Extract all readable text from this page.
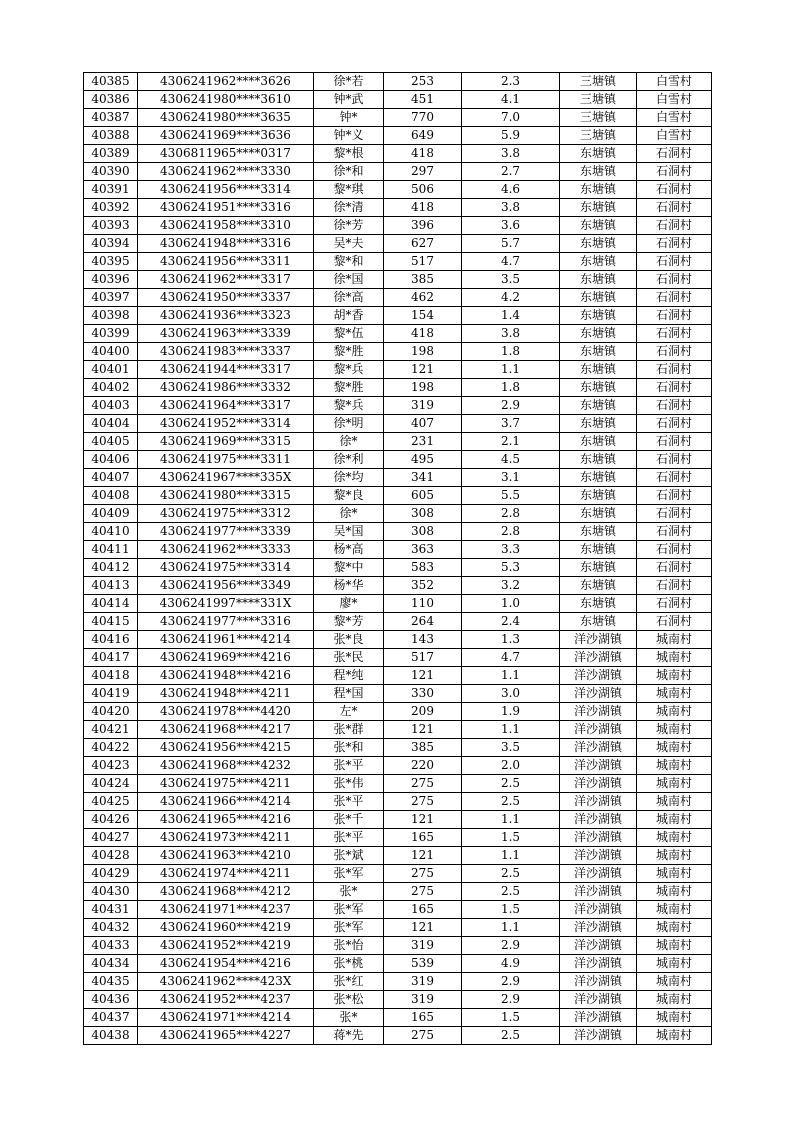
40385	4306241962****3626	徐*若	253	2.3	三塘镇	白雪村
40386	4306241980****3610	钟*武	451	4.1	三塘镇	白雪村
40387	4306241980****3635	钟*	770	7.0	三塘镇	白雪村
40388	4306241969****3636	钟*义	649	5.9	三塘镇	白雪村
40389	4306811965****0317	黎*根	418	3.8	东塘镇	石洞村
40390	4306241962****3330	徐*和	297	2.7	东塘镇	石洞村
40391	4306241956****3314	黎*琪	506	4.6	东塘镇	石洞村
40392	4306241951****3316	徐*清	418	3.8	东塘镇	石洞村
40393	4306241958****3310	徐*芳	396	3.6	东塘镇	石洞村
40394	4306241948****3316	吴*夫	627	5.7	东塘镇	石洞村
40395	4306241956****3311	黎*和	517	4.7	东塘镇	石洞村
40396	4306241962****3317	徐*国	385	3.5	东塘镇	石洞村
40397	4306241950****3337	徐*高	462	4.2	东塘镇	石洞村
40398	4306241936****3323	胡*香	154	1.4	东塘镇	石洞村
40399	4306241963****3339	黎*伍	418	3.8	东塘镇	石洞村
40400	4306241983****3337	黎*胜	198	1.8	东塘镇	石洞村
40401	4306241944****3317	黎*兵	121	1.1	东塘镇	石洞村
40402	4306241986****3332	黎*胜	198	1.8	东塘镇	石洞村
40403	4306241964****3317	黎*兵	319	2.9	东塘镇	石洞村
40404	4306241952****3314	徐*明	407	3.7	东塘镇	石洞村
40405	4306241969****3315	徐*	231	2.1	东塘镇	石洞村
40406	4306241975****3311	徐*利	495	4.5	东塘镇	石洞村
40407	4306241967****335X	徐*均	341	3.1	东塘镇	石洞村
40408	4306241980****3315	黎*良	605	5.5	东塘镇	石洞村
40409	4306241975****3312	徐*	308	2.8	东塘镇	石洞村
40410	4306241977****3339	吴*国	308	2.8	东塘镇	石洞村
40411	4306241962****3333	杨*高	363	3.3	东塘镇	石洞村
40412	4306241975****3314	黎*中	583	5.3	东塘镇	石洞村
40413	4306241956****3349	杨*华	352	3.2	东塘镇	石洞村
40414	4306241997****331X	廖*	110	1.0	东塘镇	石洞村
40415	4306241977****3316	黎*芳	264	2.4	东塘镇	石洞村
40416	4306241961****4214	张*良	143	1.3	洋沙湖镇	城南村
40417	4306241969****4216	张*民	517	4.7	洋沙湖镇	城南村
40418	4306241948****4216	程*纯	121	1.1	洋沙湖镇	城南村
40419	4306241948****4211	程*国	330	3.0	洋沙湖镇	城南村
40420	4306241978****4420	左*	209	1.9	洋沙湖镇	城南村
40421	4306241968****4217	张*群	121	1.1	洋沙湖镇	城南村
40422	4306241956****4215	张*和	385	3.5	洋沙湖镇	城南村
40423	4306241968****4232	张*平	220	2.0	洋沙湖镇	城南村
40424	4306241975****4211	张*伟	275	2.5	洋沙湖镇	城南村
40425	4306241966****4214	张*平	275	2.5	洋沙湖镇	城南村
40426	4306241965****4216	张*千	121	1.1	洋沙湖镇	城南村
40427	4306241973****4211	张*平	165	1.5	洋沙湖镇	城南村
40428	4306241963****4210	张*斌	121	1.1	洋沙湖镇	城南村
40429	4306241974****4211	张*军	275	2.5	洋沙湖镇	城南村
40430	4306241968****4212	张*	275	2.5	洋沙湖镇	城南村
40431	4306241971****4237	张*军	165	1.5	洋沙湖镇	城南村
40432	4306241960****4219	张*军	121	1.1	洋沙湖镇	城南村
40433	4306241952****4219	张*怡	319	2.9	洋沙湖镇	城南村
40434	4306241954****4216	张*桃	539	4.9	洋沙湖镇	城南村
40435	4306241962****423X	张*红	319	2.9	洋沙湖镇	城南村
40436	4306241952****4237	张*松	319	2.9	洋沙湖镇	城南村
40437	4306241971****4214	张*	165	1.5	洋沙湖镇	城南村
40438	4306241965****4227	蒋*先	275	2.5	洋沙湖镇	城南村
